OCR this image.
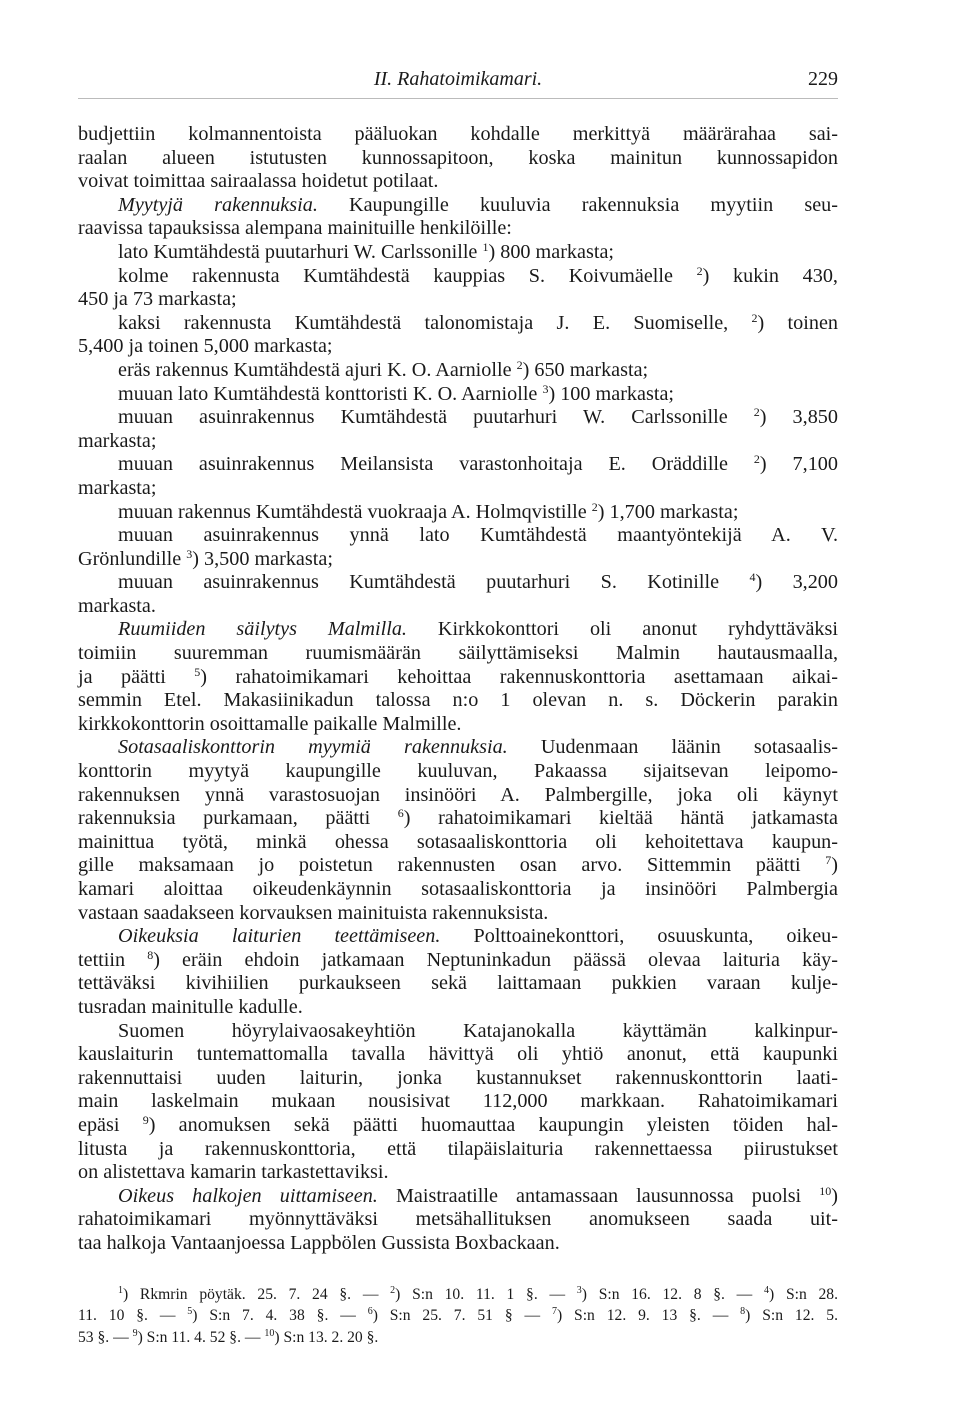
II. Rahatoimikamari.	229
budjettiin kolmannentoista pääluokan kohdalle merkittyä määrärahaa sai-
raalan alueen istutusten kunnossapitoon, koska mainitun kunnossapidon
voivat toimittaa sairaalassa hoidetut potilaat.
Myytyjä rakennuksia. Kaupungille kuuluvia rakennuksia myytiin seu-
raavissa tapauksissa alempana mainituille henkilöille:
lato Kumtähdestä puutarhuri W. Carlssonille $^1$) 800 markasta;
kolme rakennusta Kumtähdestä kauppias S. Koivumäelle $^2$) kukin 430,
450 ja 73 markasta;
kaksi rakennusta Kumtähdestä talonomistaja J. E. Suomiselle, $^2$) toinen
5,400 ja toinen 5,000 markasta;
eräs rakennus Kumtähdestä ajuri K. O. Aarniolle $^2$) 650 markasta;
muuan lato Kumtähdestä konttoristi K. O. Aarniolle $^3$) 100 markasta;
muuan asuinrakennus Kumtähdestä puutarhuri W. Carlssonille $^2$) 3,850
markasta;
muuan asuinrakennus Meilansista varastonhoitaja E. Oräddille $^2$) 7,100
markasta;
muuan rakennus Kumtähdestä vuokraaja A. Holmqvistille $^2$) 1,700 markasta;
muuan asuinrakennus ynnä lato Kumtähdestä maantyöntekijä A. V.
Grönlundille $^3$) 3,500 markasta;
muuan asuinrakennus Kumtähdestä puutarhuri S. Kotinille $^4$) 3,200
markasta.
Ruumiiden säilytys Malmilla. Kirkkokonttori oli anonut ryhdyttäväksi
toimiin suuremman ruumismäärän säilyttämiseksi Malmin hautausmaalla,
ja päätti $^5$) rahatoimikamari kehoittaa rakennuskonttoria asettamaan aikai-
semmin Etel. Makasiinikadun talossa n:o 1 olevan n. s. Döckerin parakin
kirkkokonttorin osoittamalle paikalle Malmille.
Sotasaaliskonttorin myymiä rakennuksia. Uudenmaan läänin sotasaalis-
konttorin myytyä kaupungille kuuluvan, Pakaassa sijaitsevan leipomo-
rakennuksen ynnä varastosuojan insinööri A. Palmbergille, joka oli käynyt
rakennuksia purkamaan, päätti $^6$) rahatoimikamari kieltää häntä jatkamasta
mainittua työtä, minkä ohessa sotasaaliskonttoria oli kehoitettava kaupun-
gille maksamaan jo poistetun rakennusten osan arvo. Sittemmin päätti $^7$)
kamari aloittaa oikeudenkäynnin sotasaaliskonttoria ja insinööri Palmbergia
vastaan saadakseen korvauksen mainituista rakennuksista.
Oikeuksia laiturien teettämiseen. Polttoainekonttori, osuuskunta, oikeu-
tettiin $^8$) eräin ehdoin jatkamaan Neptuninkadun päässä olevaa laituria käy-
tettäväksi kivihiilien purkaukseen sekä laittamaan pukkien varaan kulje-
tusradan mainitulle kadulle.
Suomen höyrylaivaosakeyhtiön Katajanokalla käyttämän kalkinpur-
kauslaiturin tuntemattomalla tavalla hävittyä oli yhtiö anonut, että kaupunki
rakennuttaisi uuden laiturin, jonka kustannukset rakennuskonttorin laati-
main laskelmain mukaan nousisivat 112,000 markkaan. Rahatoimikamari
epäsi $^9$) anomuksen sekä päätti huomauttaa kaupungin yleisten töiden hal-
litusta ja rakennuskonttoria, että tilapäislaituria rakennettaessa piirustukset
on alistettava kamarin tarkastettaviksi.
Oikeus halkojen uittamiseen. Maistraatille antamassaan lausunnossa puolsi $^{10}$)
rahatoimikamari myönnyttäväksi metsähallituksen anomukseen saada uit-
taa halkoja Vantaanjoessa Lappbölen Gussista Boxbackaan.
$^1$) Rkmrin pöytäk. 25. 7. 24 §. — $^2$) S:n 10. 11. 1 §. — $^3$) S:n 16. 12. 8 §. — $^4$) S:n 28.
11. 10 §. — $^5$) S:n 7. 4. 38 §. — $^6$) S:n 25. 7. 51 § — $^7$) S:n 12. 9. 13 §. — $^8$) S:n 12. 5.
53 §. — $^9$) S:n 11. 4. 52 §. — $^{10}$) S:n 13. 2. 20 §.
